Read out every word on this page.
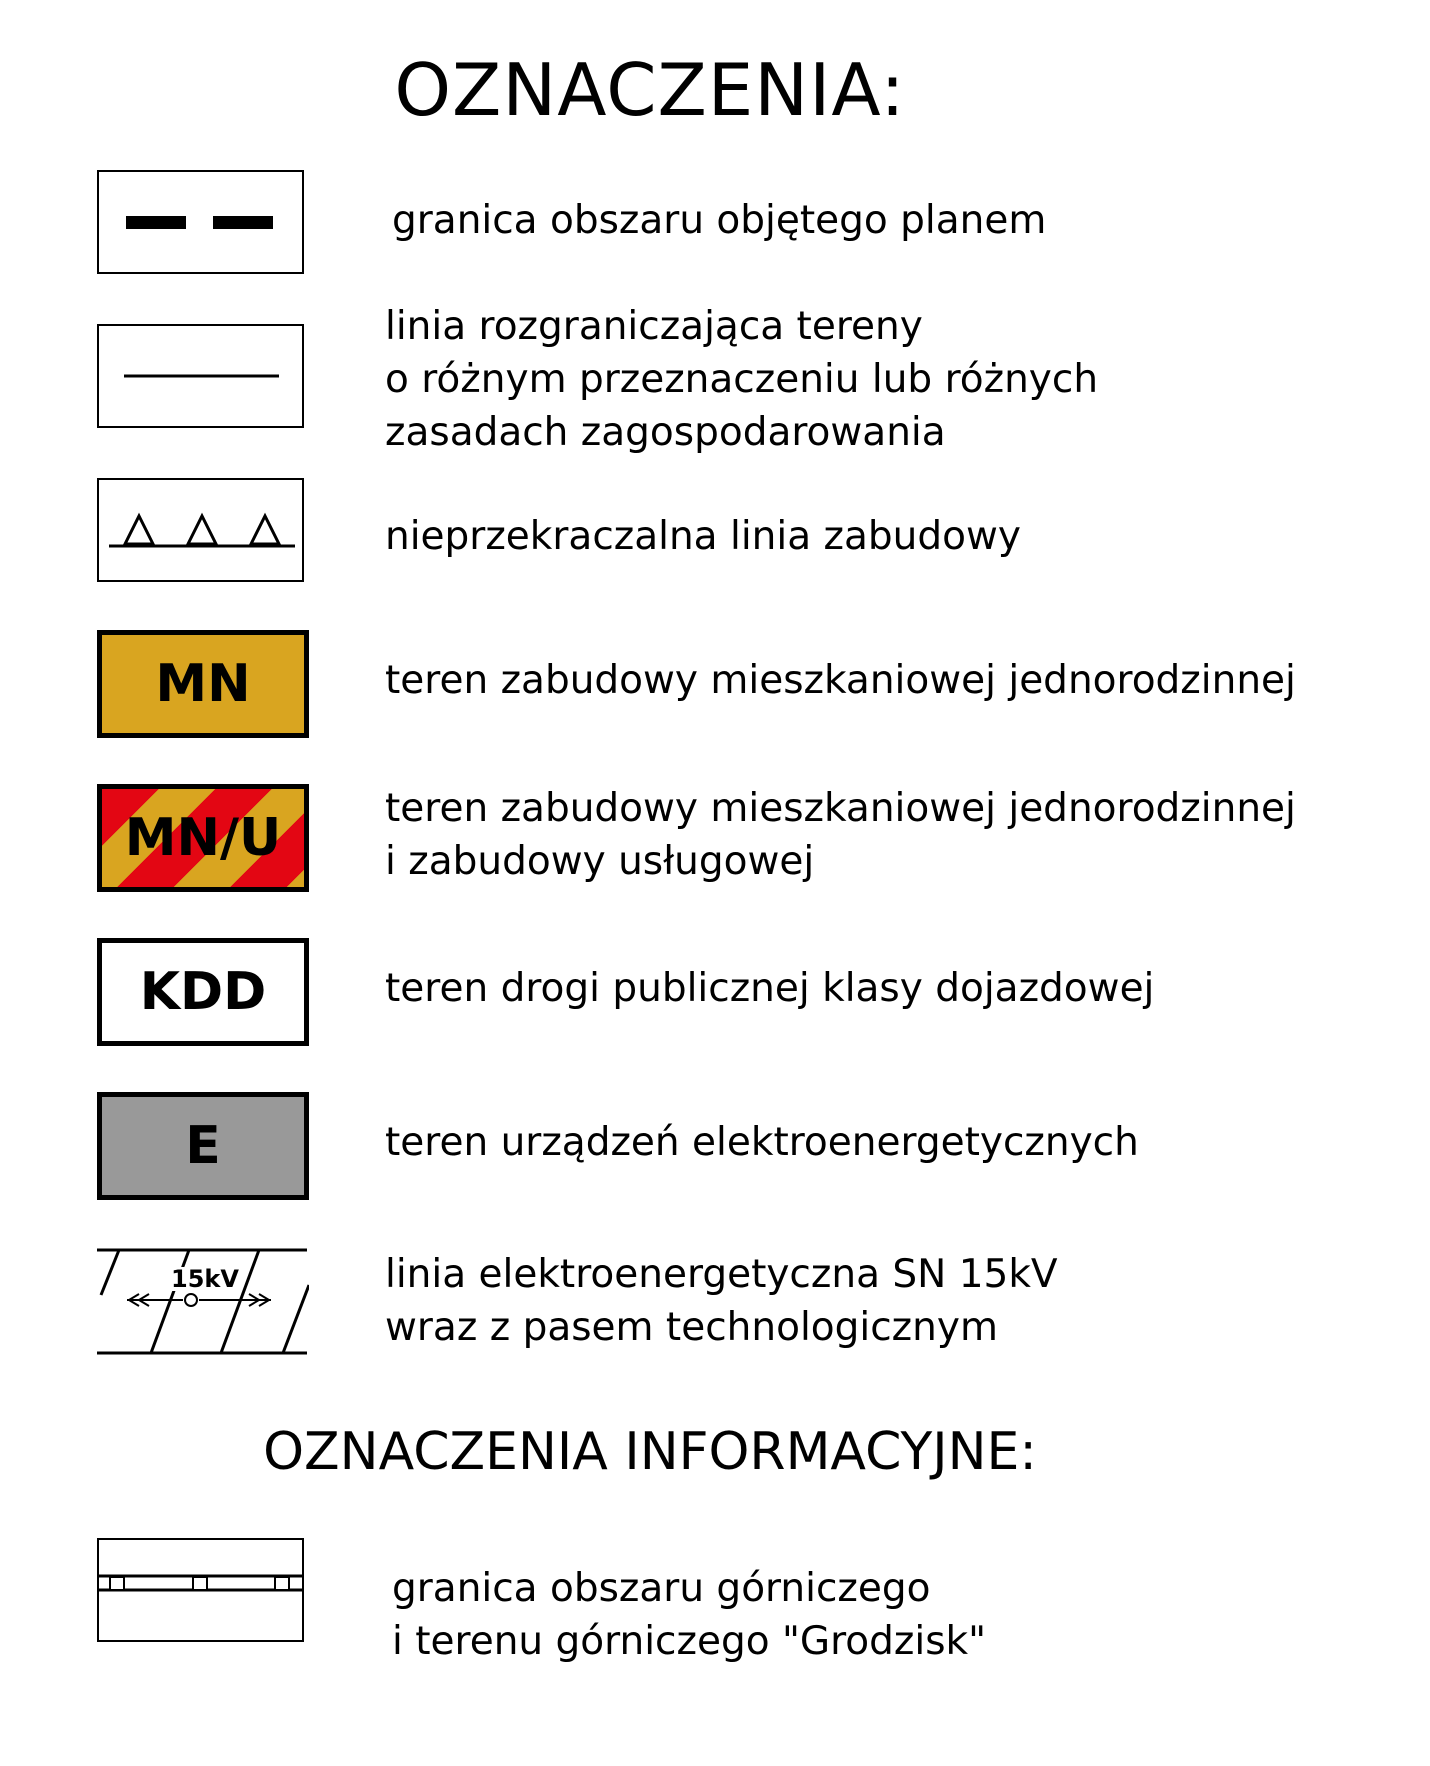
OZNACZENIA:
granica obszaru objętego planem
linia rozgraniczająca tereny
o różnym przeznaczeniu lub różnych
zasadach zagospodarowania
nieprzekraczalna linia zabudowy
MN	teren zabudowy mieszkaniowej jednorodzinnej
MN/U	teren zabudowy mieszkaniowej jednorodzinnej
i zabudowy usługowej
KDD	teren drogi publicznej klasy dojazdowej
E	teren urządzeń elektroenergetycznych
15kV	linia elektroenergetyczna SN 15kV
wraz z pasem technologicznym
OZNACZENIA INFORMACYJNE:
granica obszaru górniczego
i terenu górniczego "Grodzisk"
